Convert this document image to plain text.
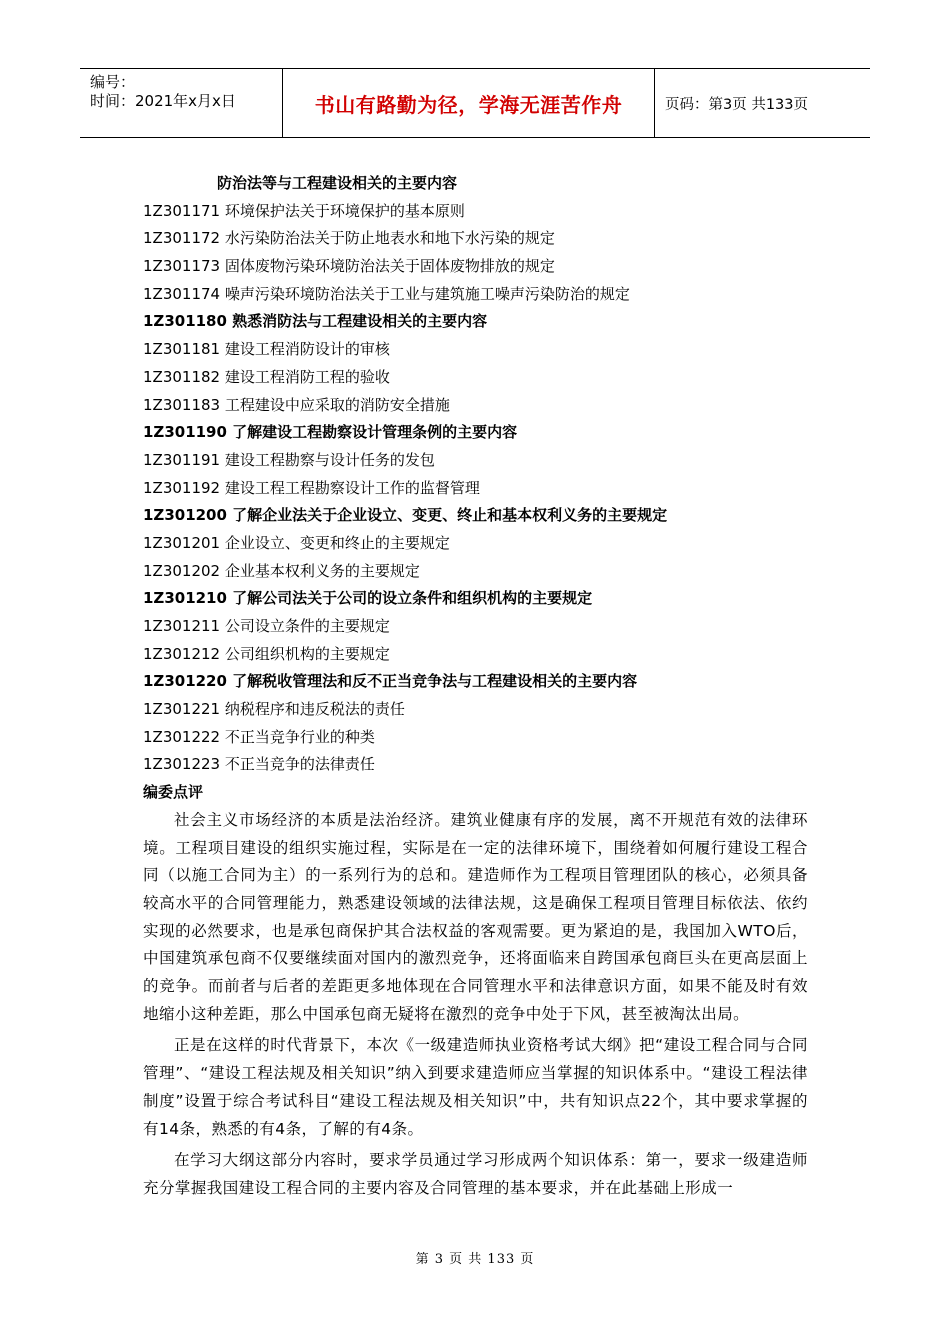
编号：
时间：2021年x月x日	书山有路勤为径，学海无涯苦作舟	页码：第3页 共133页
防治法等与工程建设相关的主要内容
1Z301171 环境保护法关于环境保护的基本原则
1Z301172 水污染防治法关于防止地表水和地下水污染的规定
1Z301173 固体废物污染环境防治法关于固体废物排放的规定
1Z301174 噪声污染环境防治法关于工业与建筑施工噪声污染防治的规定
1Z301180 熟悉消防法与工程建设相关的主要内容
1Z301181 建设工程消防设计的审核
1Z301182 建设工程消防工程的验收
1Z301183 工程建设中应采取的消防安全措施
1Z301190 了解建设工程勘察设计管理条例的主要内容
1Z301191 建设工程勘察与设计任务的发包
1Z301192 建设工程工程勘察设计工作的监督管理
1Z301200 了解企业法关于企业设立、变更、终止和基本权利义务的主要规定
1Z301201 企业设立、变更和终止的主要规定
1Z301202 企业基本权利义务的主要规定
1Z301210 了解公司法关于公司的设立条件和组织机构的主要规定
1Z301211 公司设立条件的主要规定
1Z301212 公司组织机构的主要规定
1Z301220 了解税收管理法和反不正当竞争法与工程建设相关的主要内容
1Z301221 纳税程序和违反税法的责任
1Z301222 不正当竞争行业的种类
1Z301223 不正当竞争的法律责任
编委点评

社会主义市场经济的本质是法治经济。建筑业健康有序的发展，离不开规范有效的法律环境。工程项目建设的组织实施过程，实际是在一定的法律环境下，围绕着如何履行建设工程合同（以施工合同为主）的一系列行为的总和。建造师作为工程项目管理团队的核心，必须具备较高水平的合同管理能力，熟悉建设领域的法律法规，这是确保工程项目管理目标依法、依约实现的必然要求，也是承包商保护其合法权益的客观需要。更为紧迫的是，我国加入WTO后，中国建筑承包商不仅要继续面对国内的激烈竞争，还将面临来自跨国承包商巨头在更高层面上的竞争。而前者与后者的差距更多地体现在合同管理水平和法律意识方面，如果不能及时有效地缩小这种差距，那么中国承包商无疑将在激烈的竞争中处于下风，甚至被淘汰出局。

正是在这样的时代背景下，本次《一级建造师执业资格考试大纲》把“建设工程合同与合同管理”、“建设工程法规及相关知识”纳入到要求建造师应当掌握的知识体系中。“建设工程法律制度”设置于综合考试科目“建设工程法规及相关知识”中，共有知识点22个，其中要求掌握的有14条，熟悉的有4条，了解的有4条。

在学习大纲这部分内容时，要求学员通过学习形成两个知识体系：第一，要求一级建造师充分掌握我国建设工程合同的主要内容及合同管理的基本要求，并在此基础上形成一

第 3 页 共 133 页
